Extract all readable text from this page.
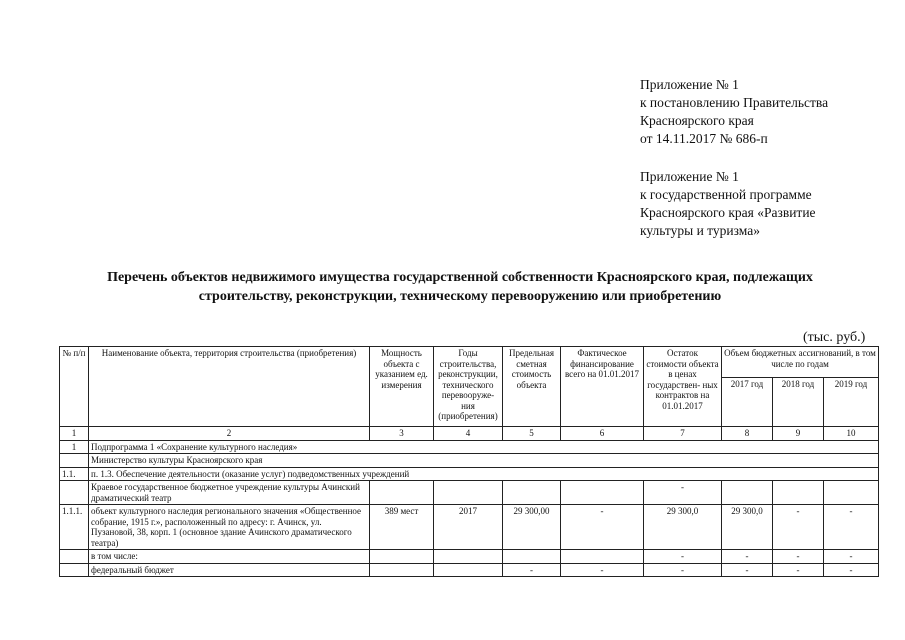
Приложение № 1
к постановлению Правительства
Красноярского края
от 14.11.2017 № 686-п
Приложение № 1
к государственной программе
Красноярского края «Развитие
культуры и туризма»
Перечень объектов недвижимого имущества государственной собственности Красноярского края, подлежащих
строительству, реконструкции, техническому перевооружению или приобретению
(тыс. руб.)
№ п/п	Наименование объекта, территория строительства (приобретения)	Мощность объекта с указанием ед. измерения	Годы строительства, реконструкции, технического перевооруже- ния (приобретения)	Предельная сметная стоимость объекта	Фактическое финансирование всего на 01.01.2017	Остаток стоимости объекта в ценах государствен- ных контрактов на 01.01.2017	Объем бюджетных ассигнований, в том числе по годам		
							2017 год	2018 год	2019 год
1	2	3	4	5	6	7	8	9	10
1	Подпрограмма 1 «Сохранение культурного наследия»								
	Министерство культуры Красноярского края								
1.1.	п. 1.3. Обеспечение деятельности (оказание услуг) подведомственных учреждений								
	Краевое государственное бюджетное учреждение культуры Ачинский драматический театр					-			
1.1.1.	объект культурного наследия регионального значения «Общественное собрание, 1915 г.», расположенный по адресу: г. Ачинск, ул. Пузановой, 38, корп. 1 (основное здание Ачинского драматического театра)	389 мест	2017	29 300,00	-	29 300,0	29 300,0	-	-
	в том числе:					-	-	-	-
	федеральный бюджет			-	-	-	-	-	-
